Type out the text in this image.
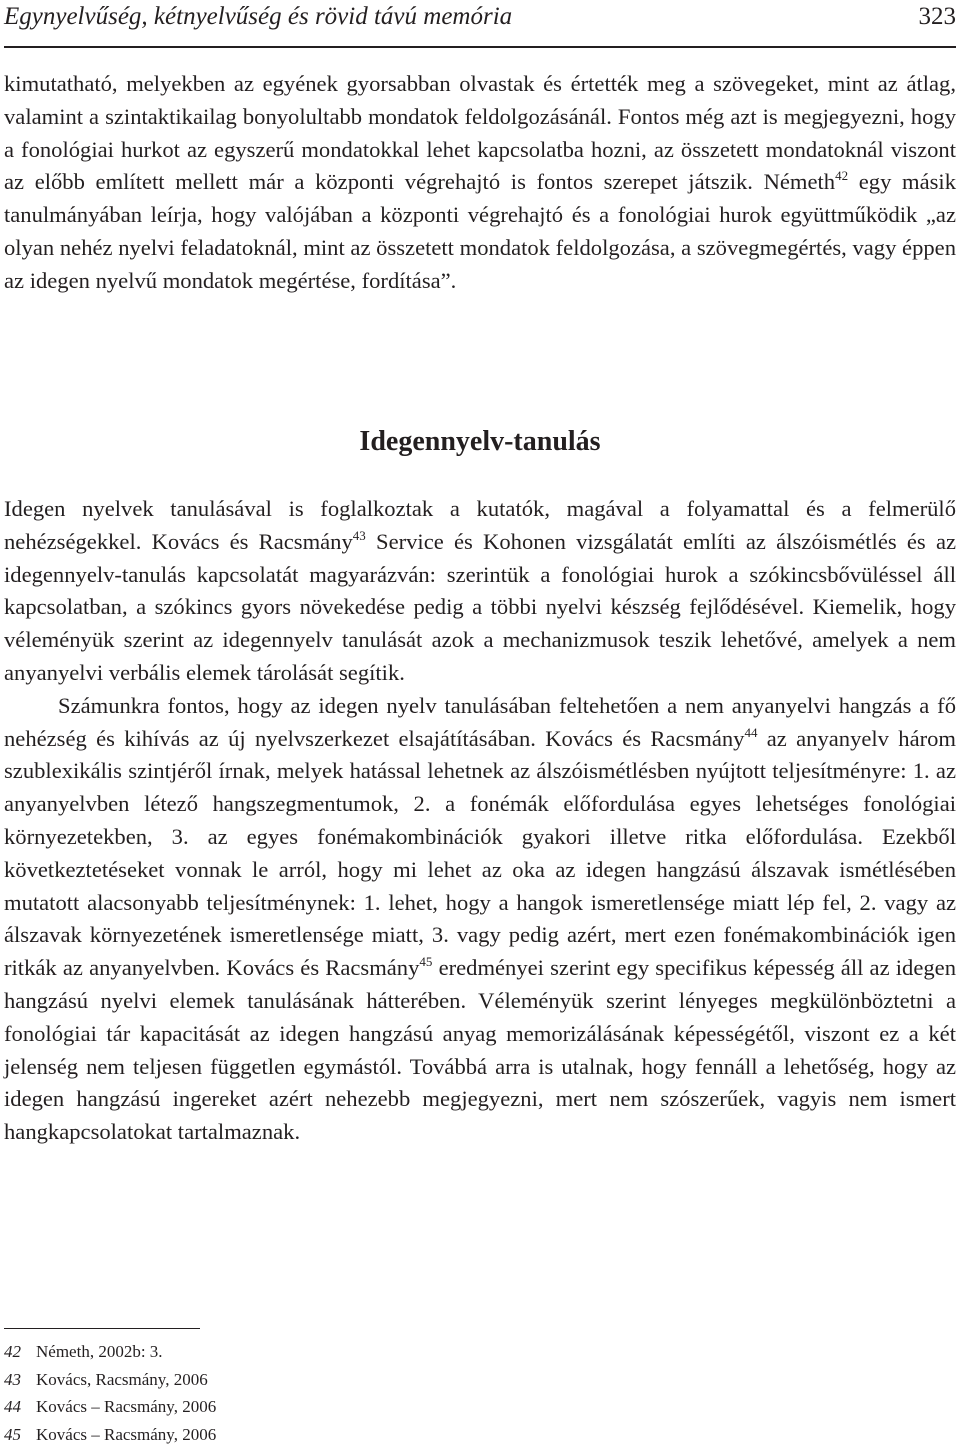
Egynyelvűség, kétnyelvűség és rövid távú memória	323

kimutatható, melyekben az egyének gyorsabban olvastak és értették meg a szövegeket, mint az átlag, valamint a szintaktikailag bonyolultabb mondatok feldolgozásánál. Fontos még azt is megjegyezni, hogy a fonológiai hurkot az egyszerű mondatokkal lehet kapcsolatba hozni, az összetett mondatoknál viszont az előbb említett mellett már a központi végrehajtó is fontos szerepet játszik. Németh$^{42}$ egy másik tanulmányában leírja, hogy valójában a központi végrehajtó és a fonológiai hurok együttműködik „az olyan nehéz nyelvi feladatoknál, mint az összetett mondatok feldolgozása, a szövegmegértés, vagy éppen az idegen nyelvű mondatok megértése, fordítása”.

Idegennyelv-tanulás

Idegen nyelvek tanulásával is foglalkoztak a kutatók, magával a folyamattal és a felmerülő nehézségekkel. Kovács és Racsmány$^{43}$ Service és Kohonen vizsgálatát említi az álszóismétlés és az idegennyelv-tanulás kapcsolatát magyarázván: szerintük a fonológiai hurok a szókincsbővüléssel áll kapcsolatban, a szókincs gyors növekedése pedig a többi nyelvi készség fejlődésével. Kiemelik, hogy véleményük szerint az idegennyelv tanulását azok a mechanizmusok teszik lehetővé, amelyek a nem anyanyelvi verbális elemek tárolását segítik.

Számunkra fontos, hogy az idegen nyelv tanulásában feltehetően a nem anyanyelvi hangzás a fő nehézség és kihívás az új nyelvszerkezet elsajátításában. Kovács és Racsmány$^{44}$ az anyanyelv három szublexikális szintjéről írnak, melyek hatással lehetnek az álszóismétlésben nyújtott teljesítményre: 1. az anyanyelvben létező hangszegmentumok, 2. a fonémák előfordulása egyes lehetséges fonológiai környezetekben, 3. az egyes fonémakombinációk gyakori illetve ritka előfordulása. Ezekből következtetéseket vonnak le arról, hogy mi lehet az oka az idegen hangzású álszavak ismétlésében mutatott alacsonyabb teljesítménynek: 1. lehet, hogy a hangok ismeretlensége miatt lép fel, 2. vagy az álszavak környezetének ismeretlensége miatt, 3. vagy pedig azért, mert ezen fonémakombinációk igen ritkák az anyanyelvben. Kovács és Racsmány$^{45}$ eredményei szerint egy specifikus képesség áll az idegen hangzású nyelvi elemek tanulásának hátterében. Véleményük szerint lényeges megkülönböztetni a fonológiai tár kapacitását az idegen hangzású anyag memorizálásának képességétől, viszont ez a két jelenség nem teljesen független egymástól. Továbbá arra is utalnak, hogy fennáll a lehetőség, hogy az idegen hangzású ingereket azért nehezebb megjegyezni, mert nem szószerűek, vagyis nem ismert hangkapcsolatokat tartalmaznak.

42 Németh, 2002b: 3.
43 Kovács, Racsmány, 2006
44 Kovács – Racsmány, 2006
45 Kovács – Racsmány, 2006
